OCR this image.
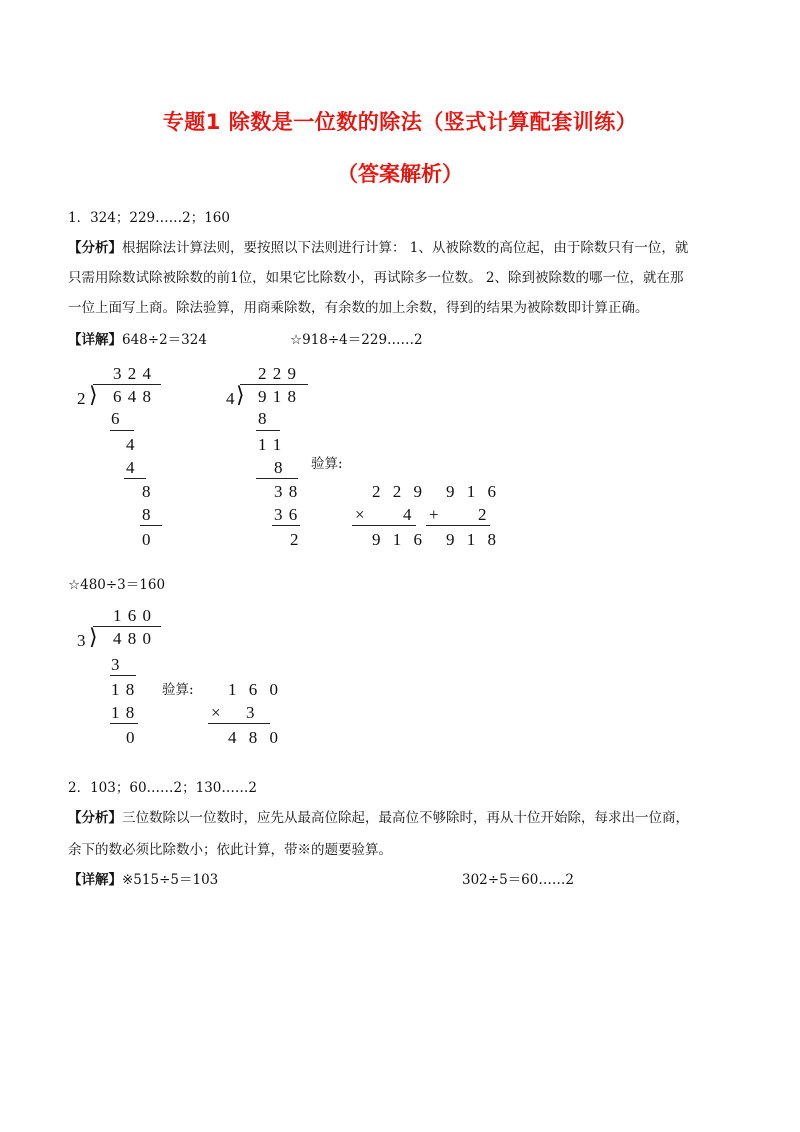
专题1 除数是一位数的除法（竖式计算配套训练）
（答案解析）
1．324；229……2；160
【分析】根据除法计算法则，要按照以下法则进行计算： 1、从被除数的高位起，由于除数只有一位，就
只需用除数试除被除数的前1位，如果它比除数小，再试除多一位数。 2、除到被除数的哪一位，就在那
一位上面写上商。除法验算，用商乘除数，有余数的加上余数，得到的结果为被除数即计算正确。
【详解】648÷2＝324	☆918÷4＝229……2
3 2 4
2 ⟩ 6 4 8
6
4
4
8
8
0
2 2 9
4 ⟩ 9 1 8
8
1 1
8
3 8
3 6
2
验算:
2 2 9
× 4
9 1 6
9 1 6
+ 2
9 1 8
☆480÷3＝160
1 6 0
3 ⟩ 4 8 0
3
1 8
1 8
0
验算: 1 6 0
× 3
4 8 0
2．103；60……2；130……2
【分析】三位数除以一位数时，应先从最高位除起，最高位不够除时，再从十位开始除，每求出一位商，
余下的数必须比除数小；依此计算，带※的题要验算。
【详解】※515÷5＝103	302÷5＝60……2
